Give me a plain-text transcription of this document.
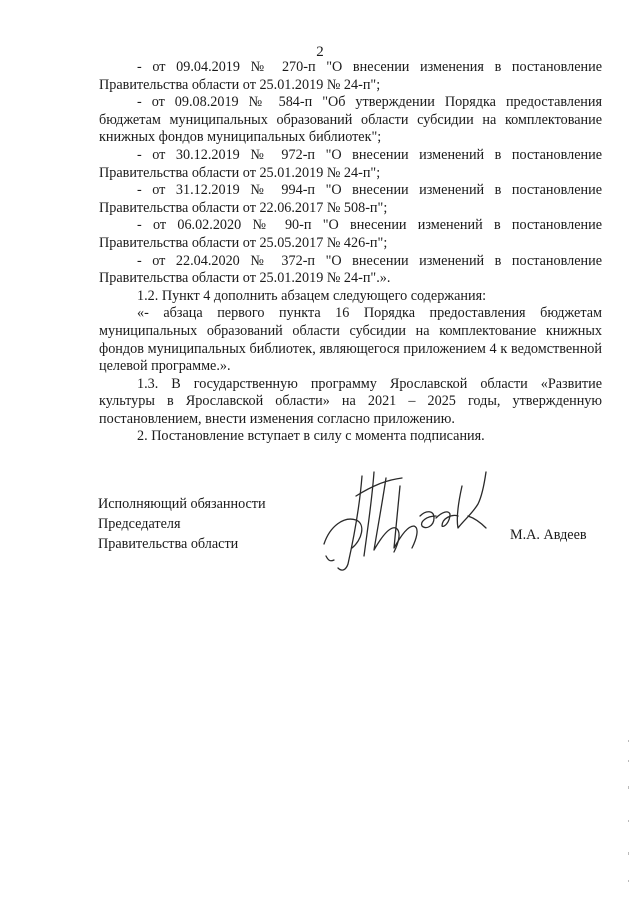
2

- от 09.04.2019 № 270-п "О внесении изменения в постановление Правительства области от 25.01.2019 № 24-п";

- от 09.08.2019 № 584-п "Об утверждении Порядка предоставления бюджетам муниципальных образований области субсидии на комплектование книжных фондов муниципальных библиотек";

- от 30.12.2019 № 972-п "О внесении изменений в постановление Правительства области от 25.01.2019 № 24-п";

- от 31.12.2019 № 994-п "О внесении изменений в постановление Правительства области от 22.06.2017 № 508-п";

- от 06.02.2020 № 90-п "О внесении изменений в постановление Правительства области от 25.05.2017 № 426-п";

- от 22.04.2020 № 372-п "О внесении изменений в постановление Правительства области от 25.01.2019 № 24-п".».

1.2. Пункт 4 дополнить абзацем следующего содержания:

«- абзаца первого пункта 16 Порядка предоставления бюджетам муниципальных образований области субсидии на комплектование книжных фондов муниципальных библиотек, являющегося приложением 4 к ведомственной целевой программе.».

1.3. В государственную программу Ярославской области «Развитие культуры в Ярославской области» на 2021 – 2025 годы, утвержденную постановлением, внести изменения согласно приложению.

2. Постановление вступает в силу с момента подписания.

Исполняющий обязанности
Председателя
Правительства области
М.А. Авдеев
